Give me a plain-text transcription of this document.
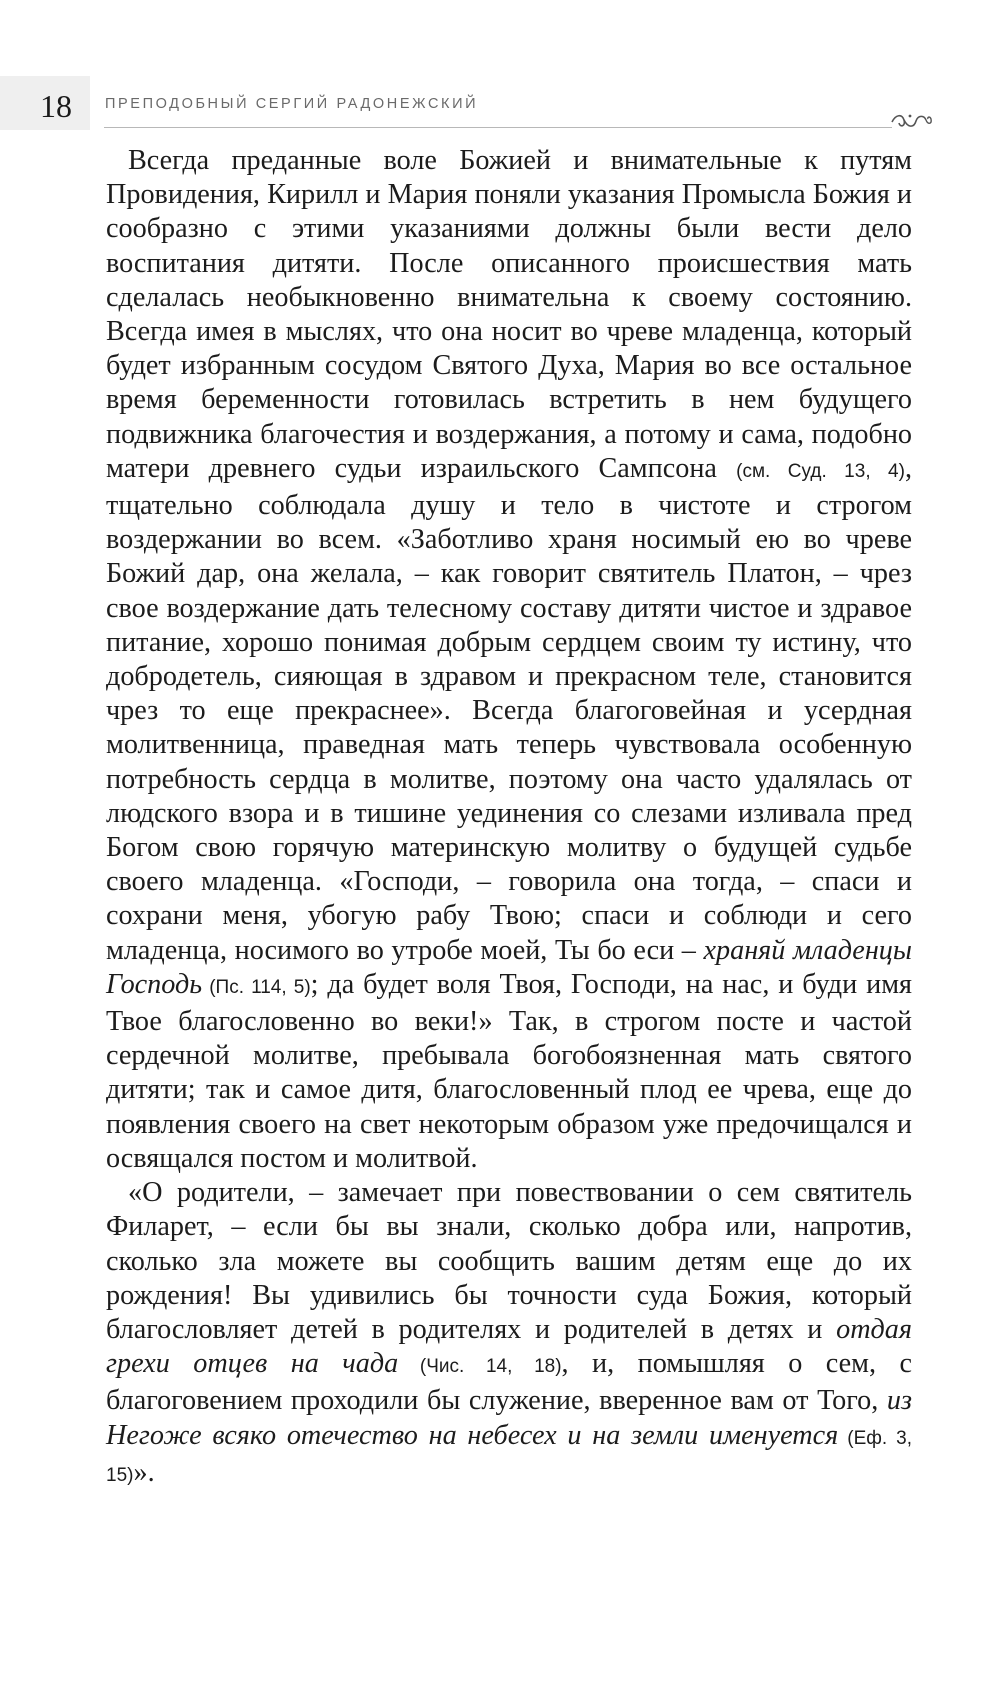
18 ПРЕПОДОБНЫЙ СЕРГИЙ РАДОНЕЖСКИЙ

Всегда преданные воле Божией и внимательные к путям Провидения, Кирилл и Мария поняли указания Промысла Божия и сообразно с этими указаниями должны были вести дело воспитания дитяти. После описанного происшествия мать сделалась необыкновенно внимательна к своему состоянию. Всегда имея в мыслях, что она носит во чреве младенца, который будет избранным сосудом Святого Духа, Мария во все остальное время беременности готовилась встретить в нем будущего подвижника благочестия и воздержания, а потому и сама, подобно матери древнего судьи израильского Сампсона (см. Суд. 13, 4), тщательно соблюдала душу и тело в чистоте и строгом воздержании во всем. «Заботливо храня носимый ею во чреве Божий дар, она желала, – как говорит святитель Платон, – чрез свое воздержание дать телесному составу дитяти чистое и здравое питание, хорошо понимая добрым сердцем своим ту истину, что добродетель, сияющая в здравом и прекрасном теле, становится чрез то еще прекраснее». Всегда благоговейная и усердная молитвенница, праведная мать теперь чувствовала особенную потребность сердца в молитве, поэтому она часто удалялась от людского взора и в тишине уединения со слезами изливала пред Богом свою горячую материнскую молитву о будущей судьбе своего младенца. «Господи, – говорила она тогда, – спаси и сохрани меня, убогую рабу Твою; спаси и соблюди и сего младенца, носимого во утробе моей, Ты бо еси – храняй младенцы Господь (Пс. 114, 5); да будет воля Твоя, Господи, на нас, и буди имя Твое благословенно во веки!» Так, в строгом посте и частой сердечной молитве, пребывала богобоязненная мать святого дитяти; так и самое дитя, благословенный плод ее чрева, еще до появления своего на свет некоторым образом уже предочищался и освящался постом и молитвой.

«О родители, – замечает при повествовании о сем святитель Филарет, – если бы вы знали, сколько добра или, напротив, сколько зла можете вы сообщить вашим детям еще до их рождения! Вы удивились бы точности суда Божия, который благословляет детей в родителях и родителей в детях и отдая грехи отцев на чада (Чис. 14, 18), и, помышляя о сем, с благоговением проходили бы служение, вверенное вам от Того, из Негоже всяко отечество на небесех и на земли именуется (Еф. 3, 15)».
